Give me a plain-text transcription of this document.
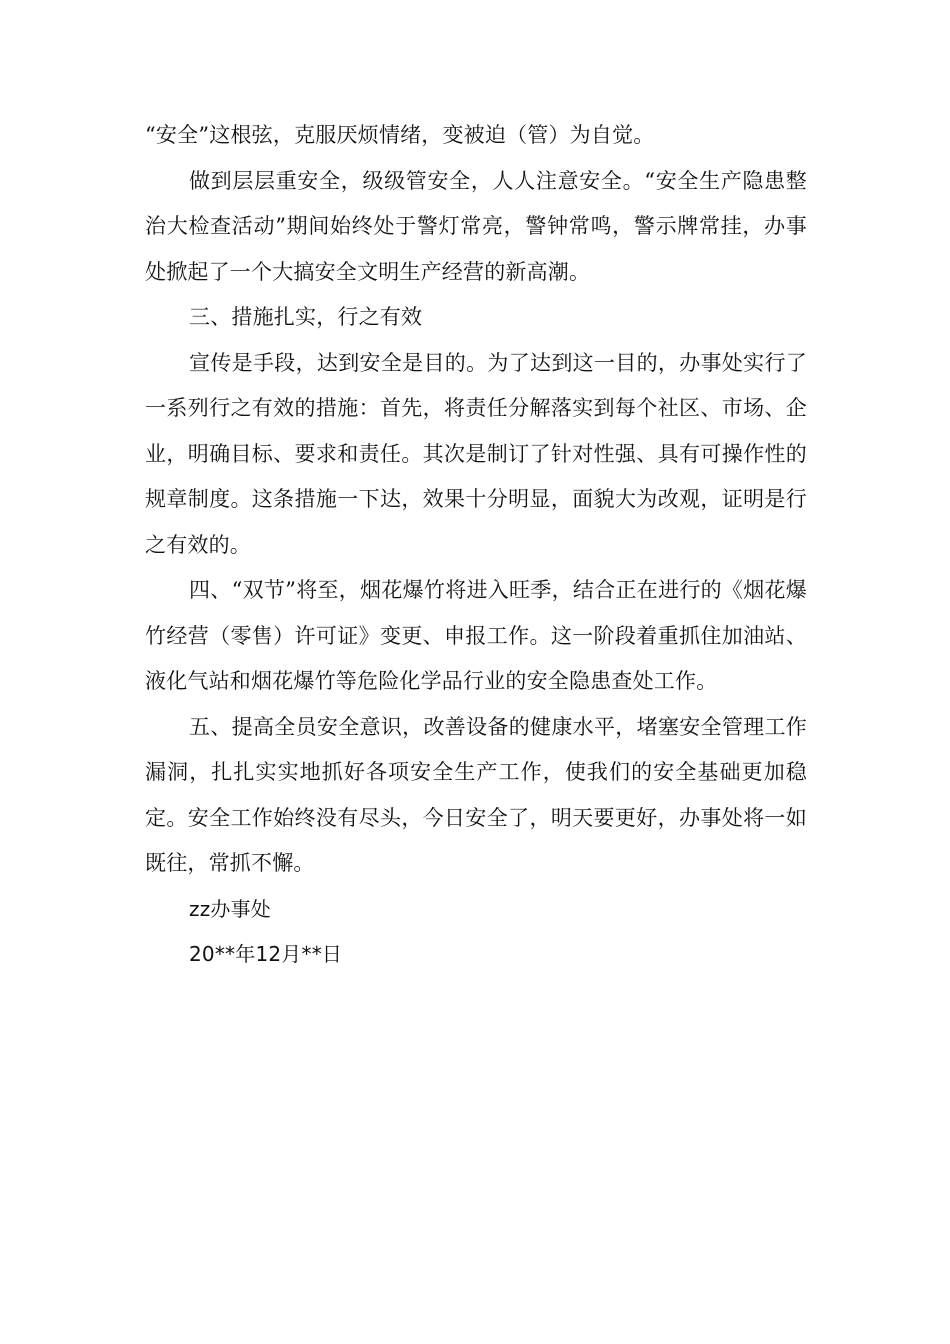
“安全”这根弦，克服厌烦情绪，变被迫（管）为自觉。

做到层层重安全，级级管安全，人人注意安全。“安全生产隐患整治大检查活动”期间始终处于警灯常亮，警钟常鸣，警示牌常挂，办事处掀起了一个大搞安全文明生产经营的新高潮。

三、措施扎实，行之有效

宣传是手段，达到安全是目的。为了达到这一目的，办事处实行了一系列行之有效的措施：首先，将责任分解落实到每个社区、市场、企业，明确目标、要求和责任。其次是制订了针对性强、具有可操作性的规章制度。这条措施一下达，效果十分明显，面貌大为改观，证明是行之有效的。

四、“双节”将至，烟花爆竹将进入旺季，结合正在进行的《烟花爆竹经营（零售）许可证》变更、申报工作。这一阶段着重抓住加油站、液化气站和烟花爆竹等危险化学品行业的安全隐患查处工作。

五、提高全员安全意识，改善设备的健康水平，堵塞安全管理工作漏洞，扎扎实实地抓好各项安全生产工作，使我们的安全基础更加稳定。安全工作始终没有尽头，今日安全了，明天要更好，办事处将一如既往，常抓不懈。

zz办事处

20**年12月**日
